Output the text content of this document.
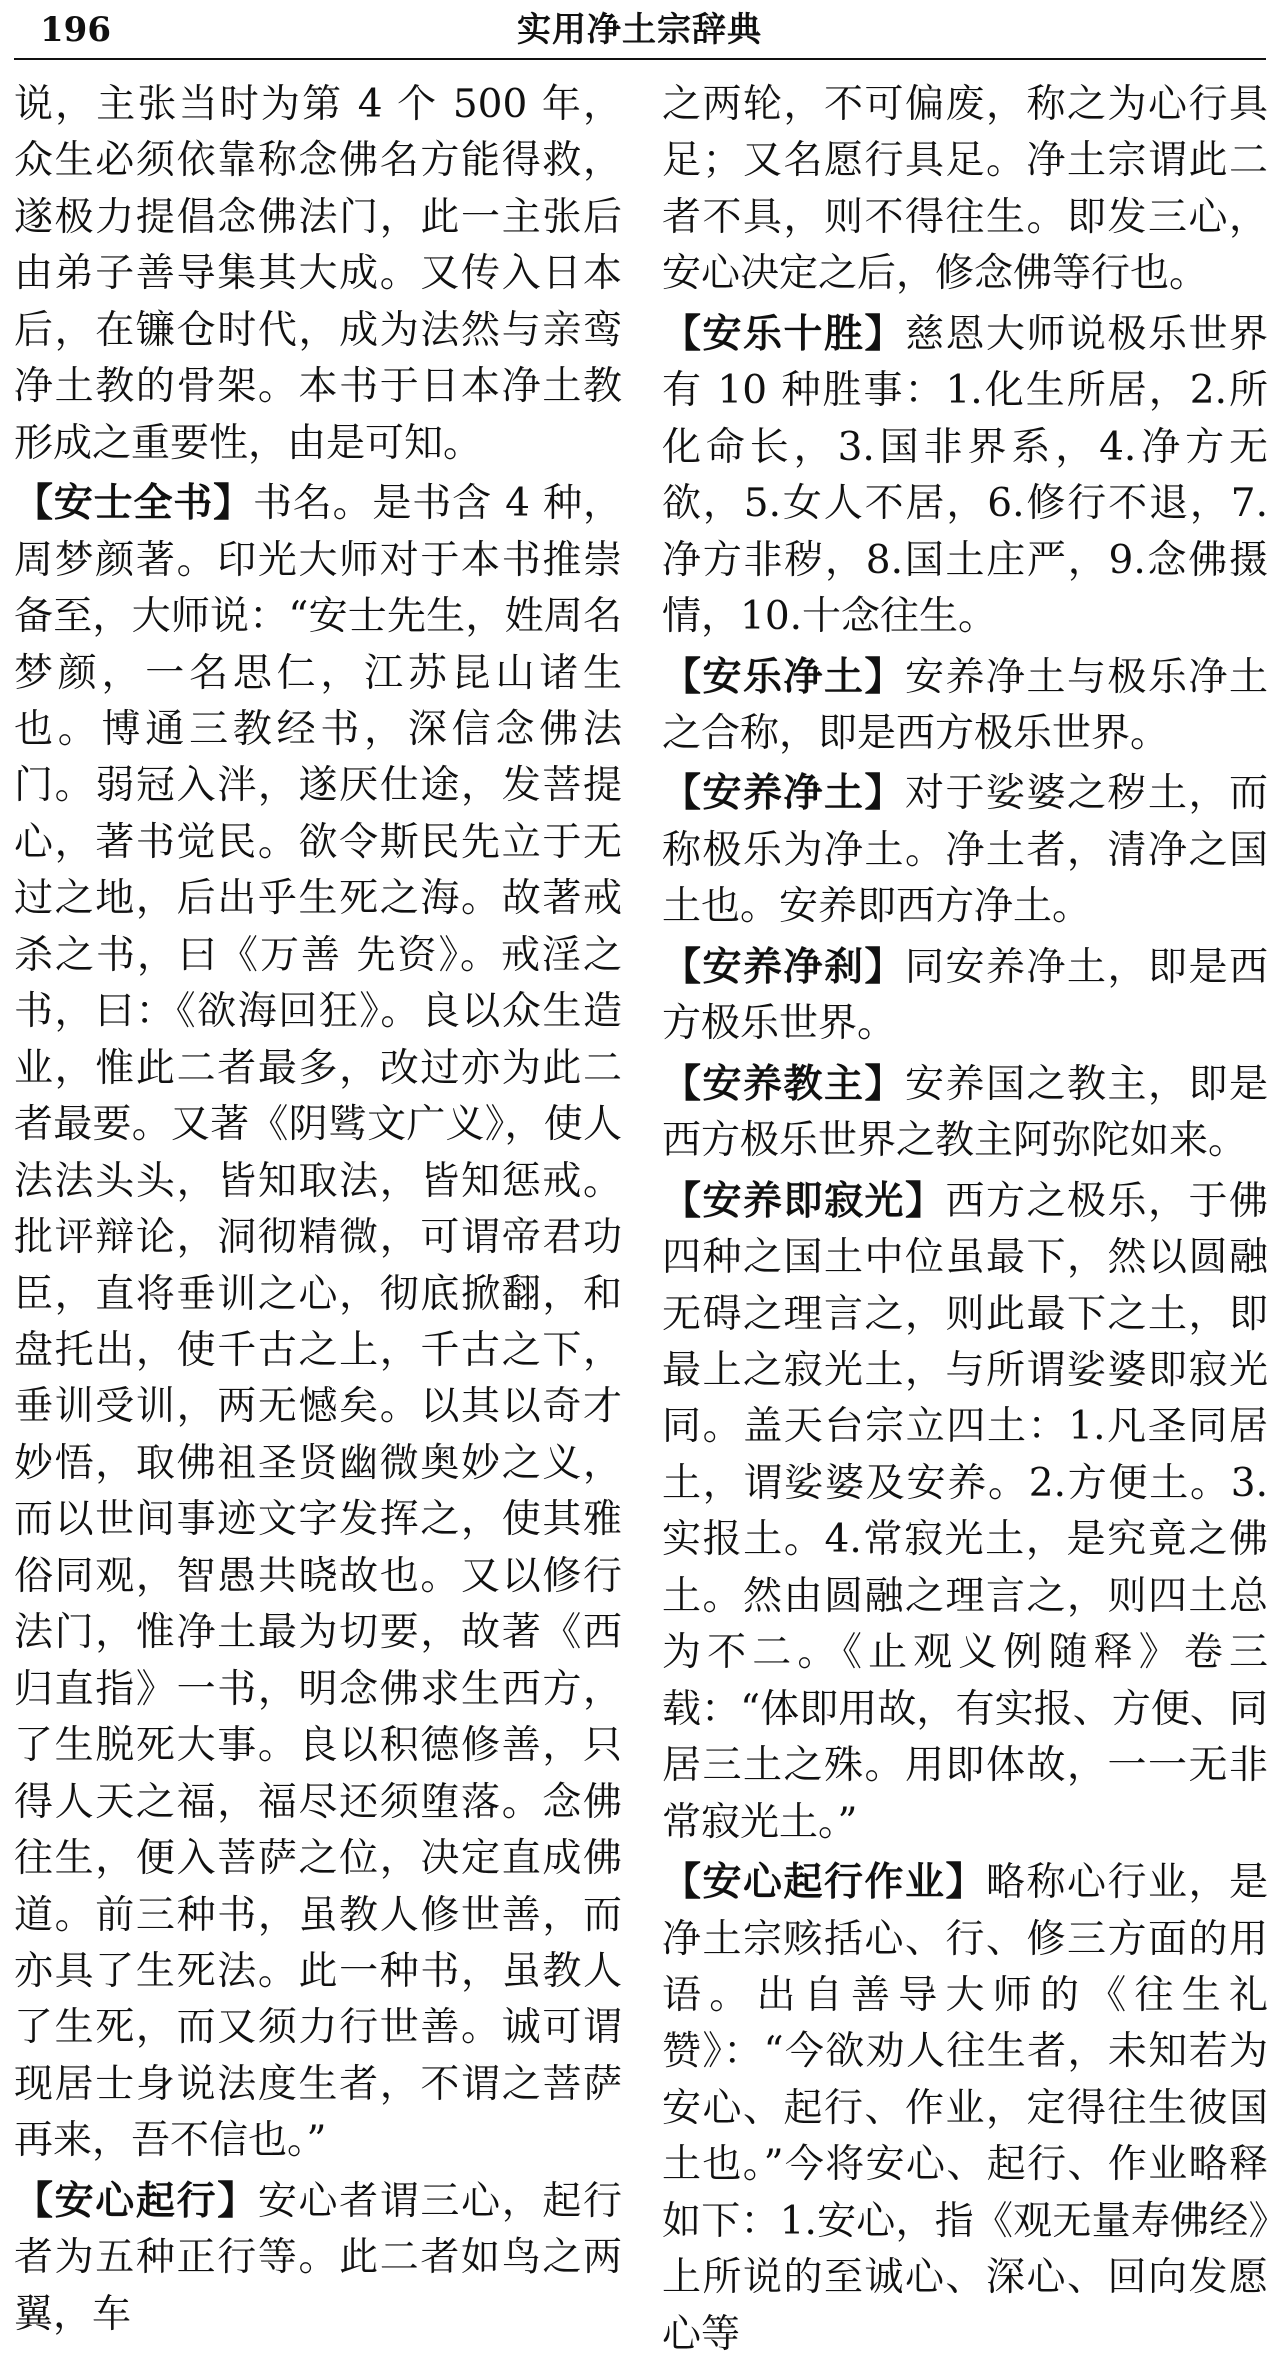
196	实用净土宗辞典

说，主张当时为第 4 个 500 年，众生必须依靠称念佛名方能得救，遂极力提倡念佛法门，此一主张后由弟子善导集其大成。又传入日本后，在镰仓时代，成为法然与亲鸾净土教的骨架。本书于日本净土教形成之重要性，由是可知。

【安士全书】书名。是书含 4 种，周梦颜著。印光大师对于本书推崇备至，大师说：“安士先生，姓周名梦颜，一名思仁，江苏昆山诸生也。博通三教经书，深信念佛法门。弱冠入泮，遂厌仕途，发菩提心，著书觉民。欲令斯民先立于无过之地，后出乎生死之海。故著戒杀之书，曰《万善 先资》。戒淫之书，曰：《欲海回狂》。良以众生造业，惟此二者最多，改过亦为此二者最要。又著《阴骘文广义》，使人法法头头，皆知取法，皆知惩戒。批评辩论，洞彻精微，可谓帝君功臣，直将垂训之心，彻底掀翻，和盘托出，使千古之上，千古之下，垂训受训，两无憾矣。以其以奇才妙悟，取佛祖圣贤幽微奥妙之义，而以世间事迹文字发挥之，使其雅俗同观，智愚共晓故也。又以修行法门，惟净土最为切要，故著《西归直指》一书，明念佛求生西方，了生脱死大事。良以积德修善，只得人天之福，福尽还须堕落。念佛往生，便入菩萨之位，决定直成佛道。前三种书，虽教人修世善，而亦具了生死法。此一种书，虽教人了生死，而又须力行世善。诚可谓现居士身说法度生者，不谓之菩萨再来，吾不信也。”

【安心起行】安心者谓三心，起行者为五种正行等。此二者如鸟之两翼，车

之两轮，不可偏废，称之为心行具足；又名愿行具足。净土宗谓此二者不具，则不得往生。即发三心，安心决定之后，修念佛等行也。

【安乐十胜】慈恩大师说极乐世界有 10 种胜事：1.化生所居，2.所化命长，3.国非界系，4.净方无欲，5.女人不居，6.修行不退，7.净方非秽，8.国土庄严，9.念佛摄情，10.十念往生。

【安乐净土】安养净土与极乐净土之合称，即是西方极乐世界。

【安养净土】对于娑婆之秽土，而称极乐为净土。净土者，清净之国土也。安养即西方净土。

【安养净刹】同安养净土，即是西方极乐世界。

【安养教主】安养国之教主，即是西方极乐世界之教主阿弥陀如来。

【安养即寂光】西方之极乐，于佛四种之国土中位虽最下，然以圆融无碍之理言之，则此最下之土，即最上之寂光土，与所谓娑婆即寂光同。盖天台宗立四土：1.凡圣同居土，谓娑婆及安养。2.方便土。3.实报土。4.常寂光土，是究竟之佛土。然由圆融之理言之，则四土总为不二。《止观义例随释》卷三载：“体即用故，有实报、方便、同居三土之殊。用即体故，一一无非常寂光土。”

【安心起行作业】略称心行业，是净土宗赅括心、行、修三方面的用语。出自善导大师的《往生礼赞》：“今欲劝人往生者，未知若为安心、起行、作业，定得往生彼国土也。”今将安心、起行、作业略释如下：1.安心，指《观无量寿佛经》上所说的至诚心、深心、回向发愿心等
